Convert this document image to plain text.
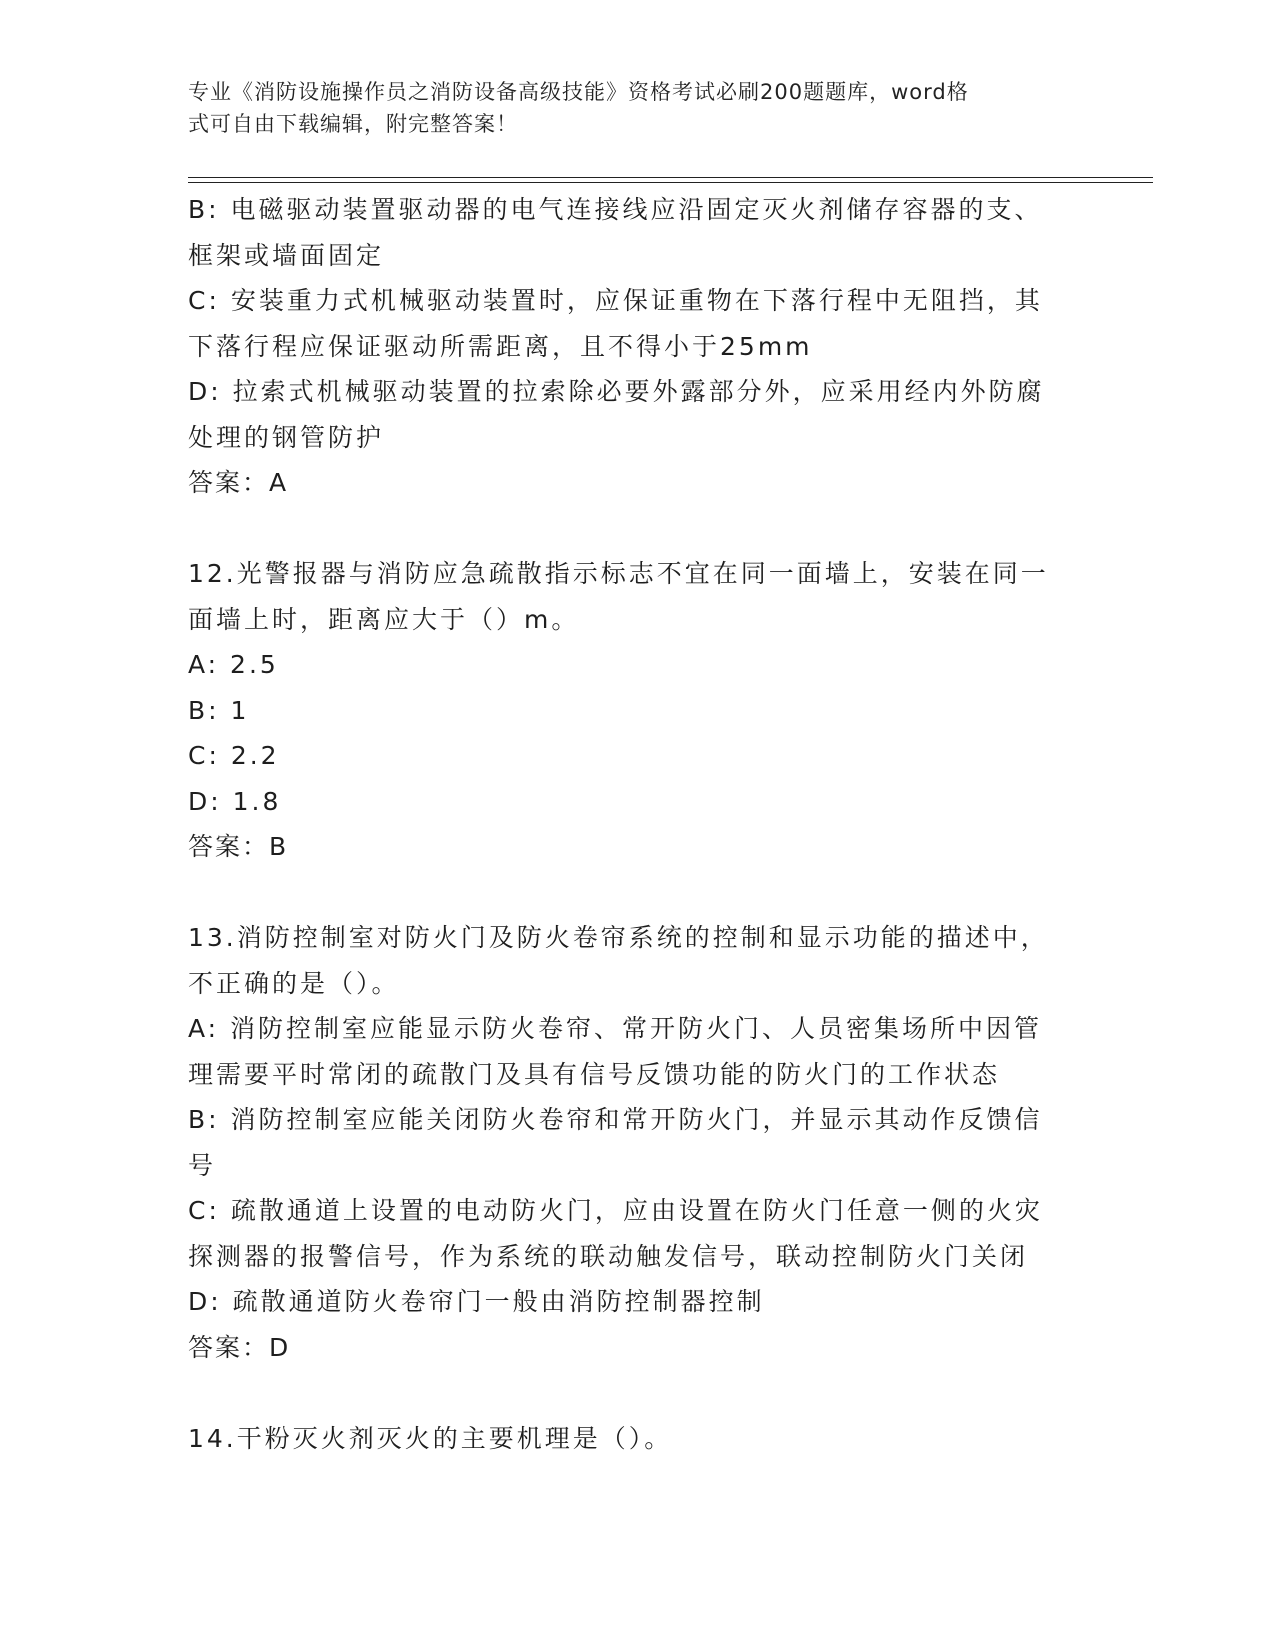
专业《消防设施操作员之消防设备高级技能》资格考试必刷200题题库，word格
式可自由下载编辑，附完整答案！
B: 电磁驱动装置驱动器的电气连接线应沿固定灭火剂储存容器的支、
框架或墙面固定
C: 安装重力式机械驱动装置时，应保证重物在下落行程中无阻挡，其
下落行程应保证驱动所需距离，且不得小于25mm
D: 拉索式机械驱动装置的拉索除必要外露部分外，应采用经内外防腐
处理的钢管防护
答案：A
12.光警报器与消防应急疏散指示标志不宜在同一面墙上，安装在同一
面墙上时，距离应大于（）m。
A: 2.5
B: 1
C: 2.2
D: 1.8
答案：B
13.消防控制室对防火门及防火卷帘系统的控制和显示功能的描述中，
不正确的是（）。
A: 消防控制室应能显示防火卷帘、常开防火门、人员密集场所中因管
理需要平时常闭的疏散门及具有信号反馈功能的防火门的工作状态
B: 消防控制室应能关闭防火卷帘和常开防火门，并显示其动作反馈信
号
C: 疏散通道上设置的电动防火门，应由设置在防火门任意一侧的火灾
探测器的报警信号，作为系统的联动触发信号，联动控制防火门关闭
D: 疏散通道防火卷帘门一般由消防控制器控制
答案：D
14.干粉灭火剂灭火的主要机理是（）。
